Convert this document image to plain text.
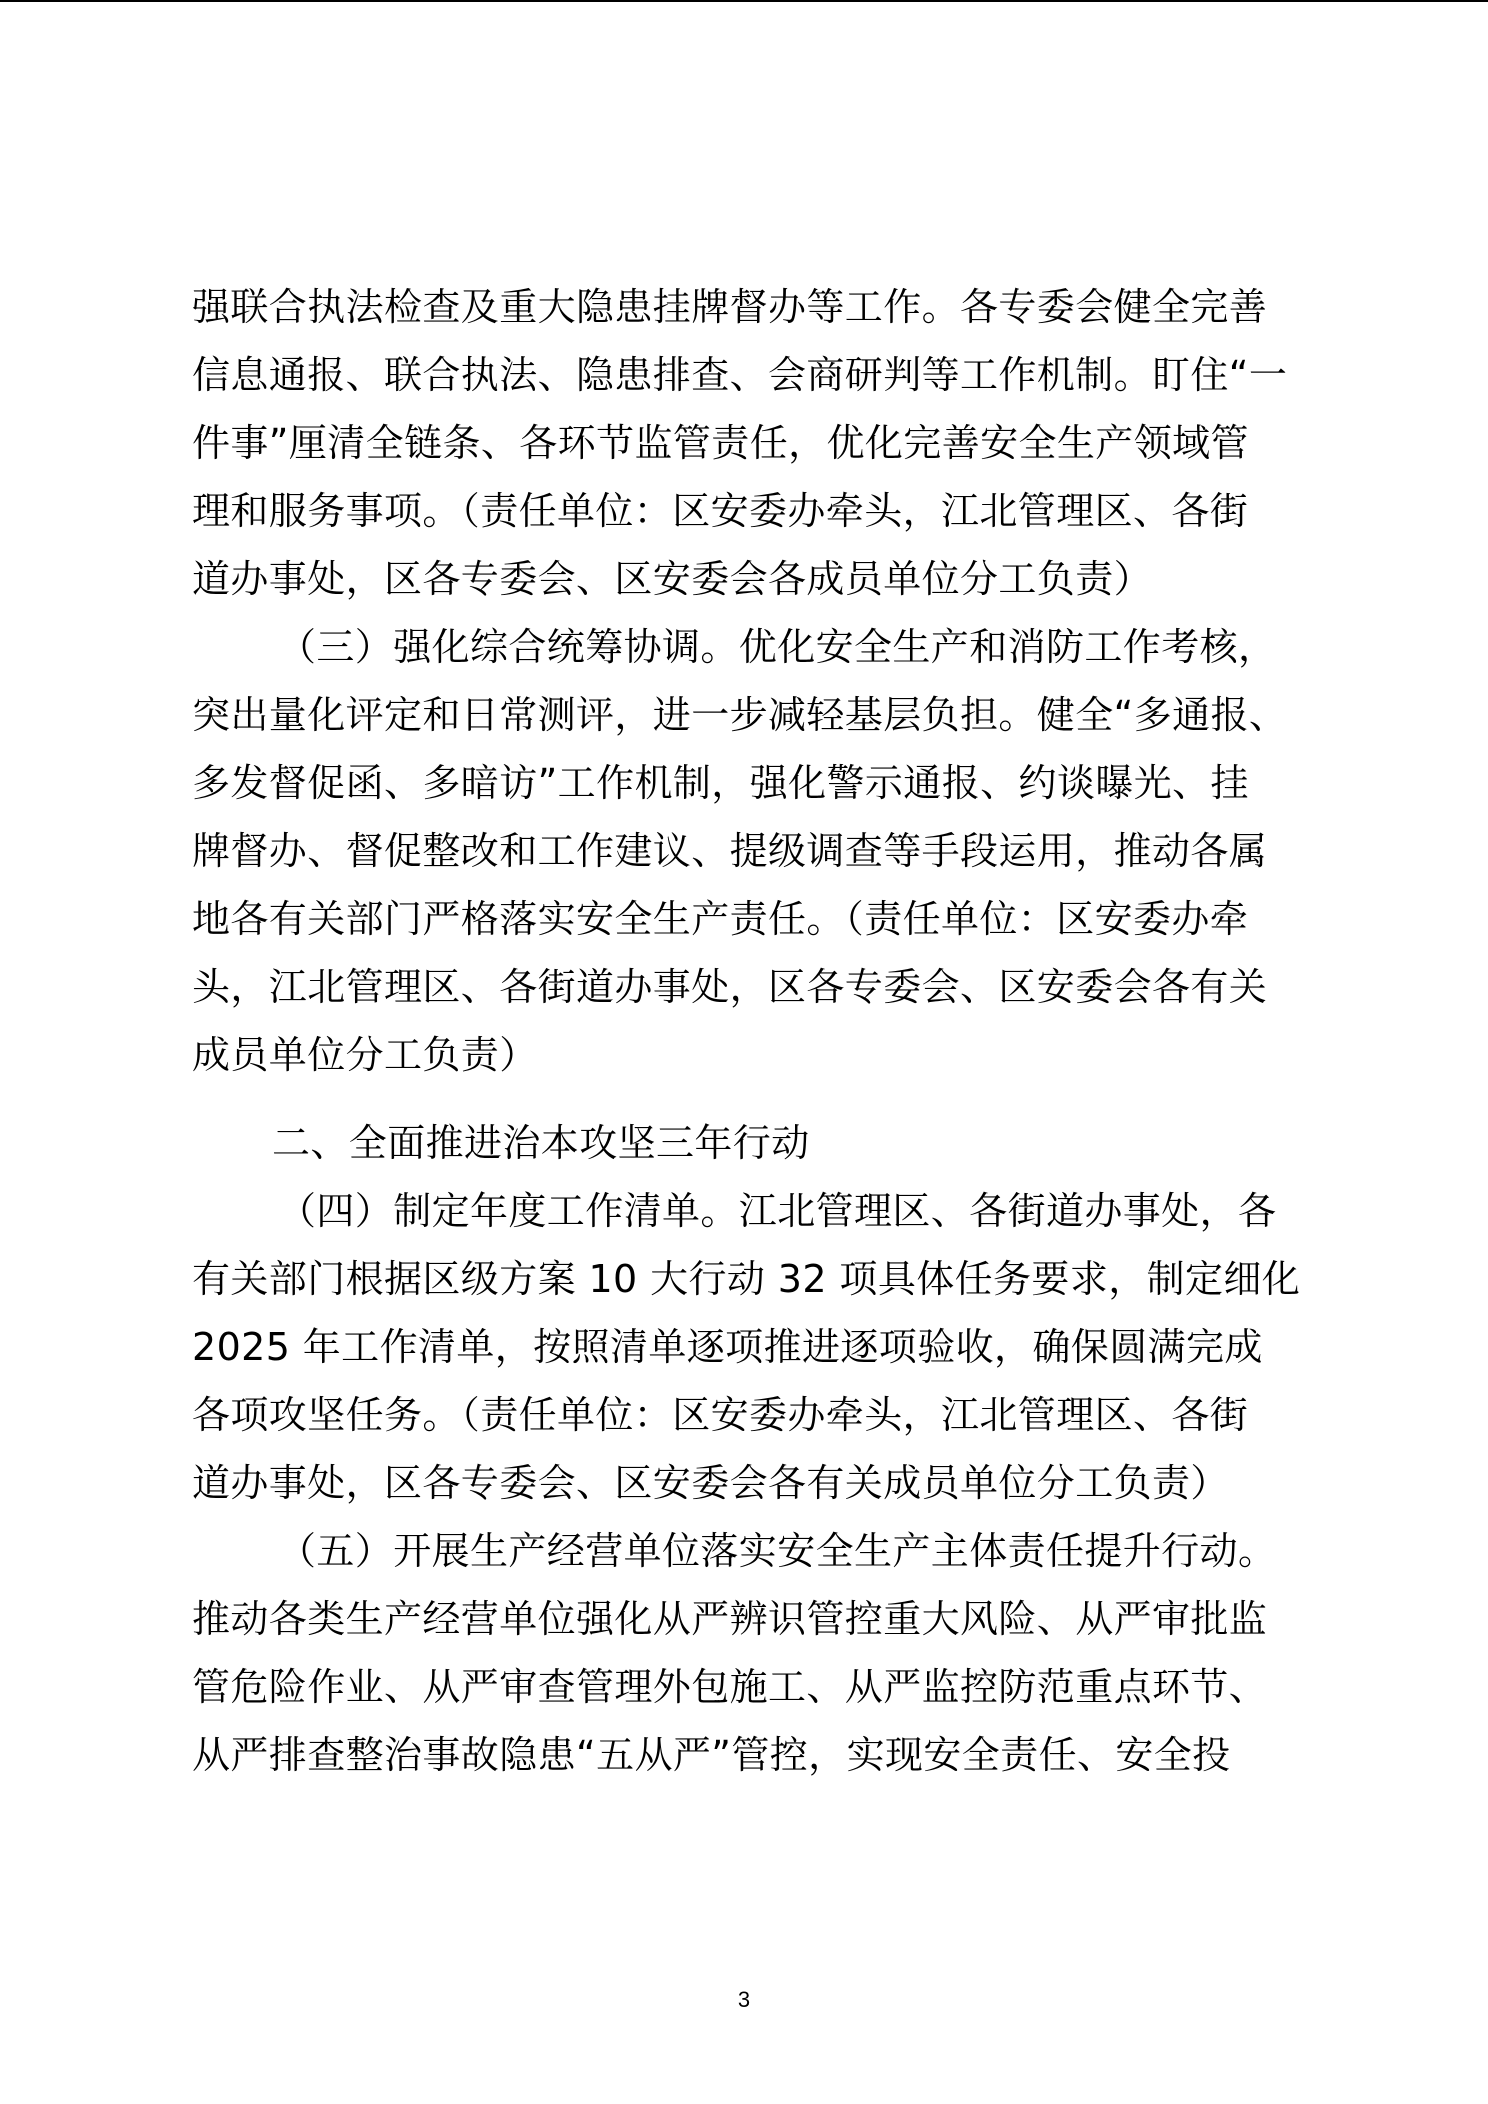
强联合执法检查及重大隐患挂牌督办等工作。各专委会健全完善
信息通报、联合执法、隐患排查、会商研判等工作机制。盯住“一
件事”厘清全链条、各环节监管责任，优化完善安全生产领域管
理和服务事项。（责任单位：区安委办牵头，江北管理区、各街
道办事处，区各专委会、区安委会各成员单位分工负责）
（三）强化综合统筹协调。优化安全生产和消防工作考核，
突出量化评定和日常测评，进一步减轻基层负担。健全“多通报、
多发督促函、多暗访”工作机制，强化警示通报、约谈曝光、挂
牌督办、督促整改和工作建议、提级调查等手段运用，推动各属
地各有关部门严格落实安全生产责任。（责任单位：区安委办牵
头，江北管理区、各街道办事处，区各专委会、区安委会各有关
成员单位分工负责）
二、全面推进治本攻坚三年行动
（四）制定年度工作清单。江北管理区、各街道办事处，各
有关部门根据区级方案 10 大行动 32 项具体任务要求，制定细化
2025 年工作清单，按照清单逐项推进逐项验收，确保圆满完成
各项攻坚任务。（责任单位：区安委办牵头，江北管理区、各街
道办事处，区各专委会、区安委会各有关成员单位分工负责）
（五）开展生产经营单位落实安全生产主体责任提升行动。
推动各类生产经营单位强化从严辨识管控重大风险、从严审批监
管危险作业、从严审查管理外包施工、从严监控防范重点环节、
从严排查整治事故隐患“五从严”管控，实现安全责任、安全投
3
